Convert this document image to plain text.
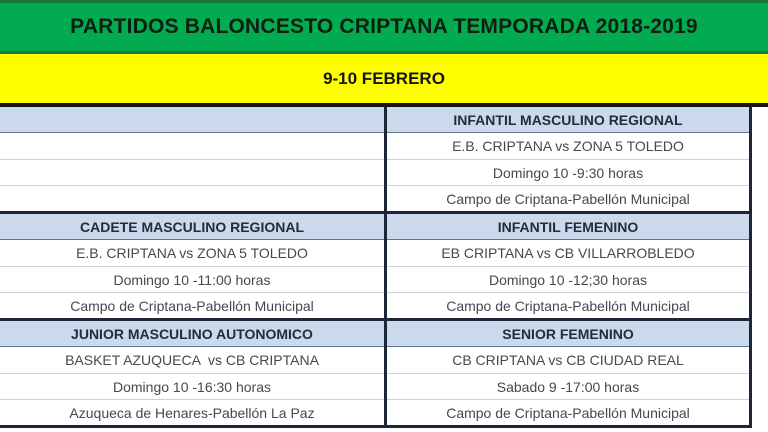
PARTIDOS BALONCESTO CRIPTANA TEMPORADA 2018-2019
9-10 FEBRERO
INFANTIL MASCULINO REGIONAL
E.B. CRIPTANA vs ZONA 5 TOLEDO
Domingo 10 -9:30 horas
Campo de Criptana-Pabellón Municipal
CADETE MASCULINO REGIONAL
E.B. CRIPTANA vs ZONA 5 TOLEDO
Domingo 10 -11:00 horas
Campo de Criptana-Pabellón Municipal
INFANTIL FEMENINO
EB CRIPTANA vs CB VILLARROBLEDO
Domingo 10 -12;30 horas
Campo de Criptana-Pabellón Municipal
JUNIOR MASCULINO AUTONOMICO
BASKET AZUQUECA  vs CB CRIPTANA
Domingo 10 -16:30 horas
Azuqueca de Henares-Pabellón La Paz
SENIOR FEMENINO
CB CRIPTANA vs CB CIUDAD REAL
Sabado 9 -17:00 horas
Campo de Criptana-Pabellón Municipal
